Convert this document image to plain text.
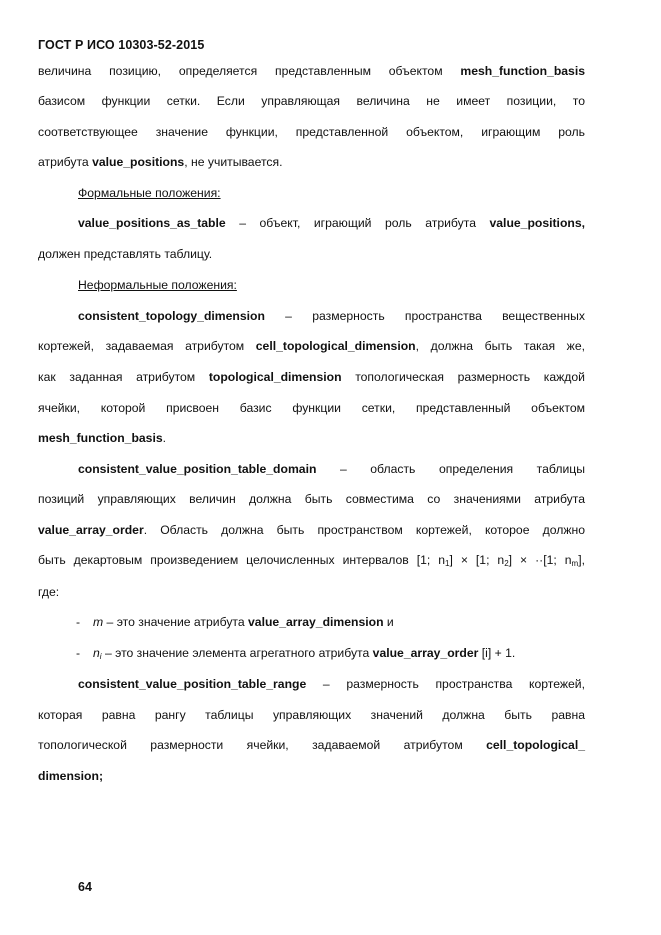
ГОСТ Р ИСО 10303-52-2015
величина позицию, определяется представленным объектом mesh_function_basis
базисом функции сетки. Если управляющая величина не имеет позиции, то
соответствующее значение функции, представленной объектом, играющим роль
атрибута value_positions, не учитывается.
Формальные положения:
value_positions_as_table – объект, играющий роль атрибута value_positions,
должен представлять таблицу.
Неформальные положения:
consistent_topology_dimension – размерность пространства вещественных
кортежей, задаваемая атрибутом cell_topological_dimension, должна быть такая же,
как заданная атрибутом topological_dimension топологическая размерность каждой
ячейки, которой присвоен базис функции сетки, представленный объектом
mesh_function_basis.
consistent_value_position_table_domain – область определения таблицы
позиций управляющих величин должна быть совместима со значениями атрибута
value_array_order. Область должна быть пространством кортежей, которое должно
быть декартовым произведением целочисленных интервалов [1; $n_1] \times [1$; $n_2] \times \cdot\cdot[1$; $n_m$],
где:
- m – это значение атрибута value_array_dimension и
- $n_i$ – это значение элемента агрегатного атрибута value_array_order [i] + 1.
consistent_value_position_table_range – размерность пространства кортежей,
которая равна рангу таблицы управляющих значений должна быть равна
топологической размерности ячейки, задаваемой атрибутом cell_topological_
dimension;
64
